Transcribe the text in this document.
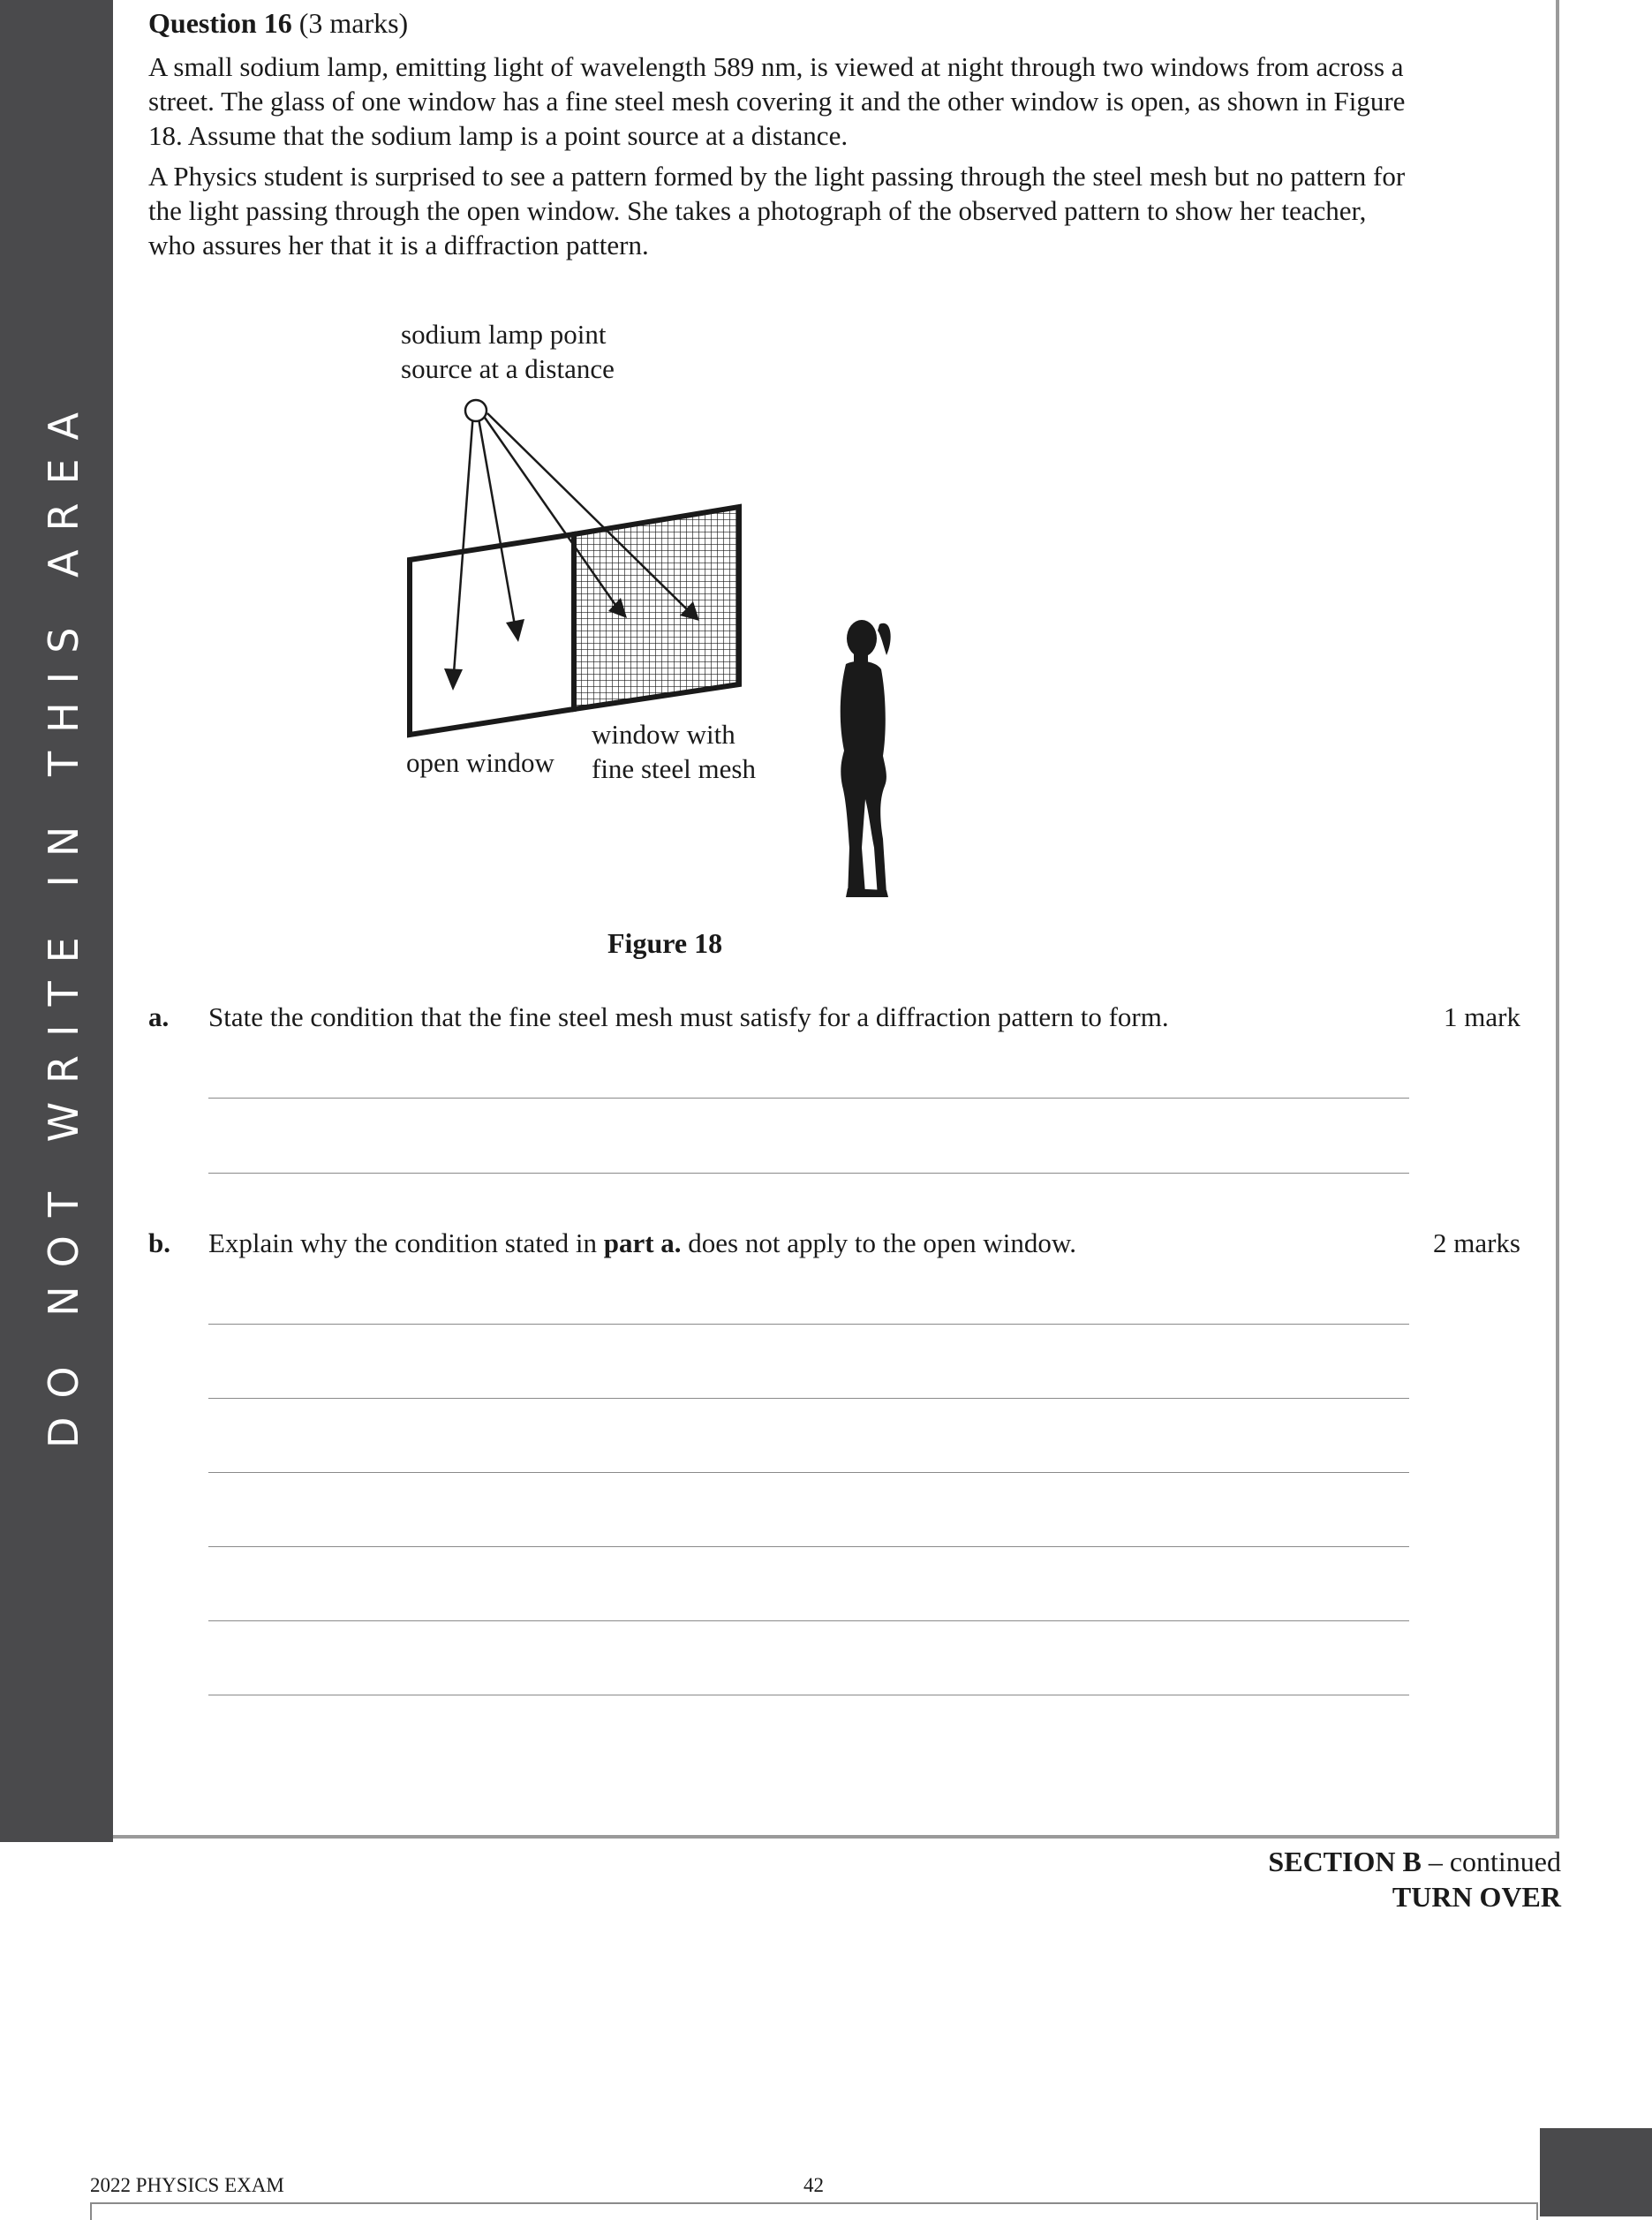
DO NOT WRITE IN THIS AREA

Question 16 (3 marks)

A small sodium lamp, emitting light of wavelength 589 nm, is viewed at night through two windows from across a street. The glass of one window has a fine steel mesh covering it and the other window is open, as shown in Figure 18. Assume that the sodium lamp is a point source at a distance.

A Physics student is surprised to see a pattern formed by the light passing through the steel mesh but no pattern for the light passing through the open window. She takes a photograph of the observed pattern to show her teacher, who assures her that it is a diffraction pattern.

sodium lamp point
source at a distance
open window
window with
fine steel mesh
Figure 18
a. State the condition that the fine steel mesh must satisfy for a diffraction pattern to form.	1 mark
b. Explain why the condition stated in part a. does not apply to the open window.	2 marks
SECTION B – continued
TURN OVER
2022 PHYSICS EXAM	42
